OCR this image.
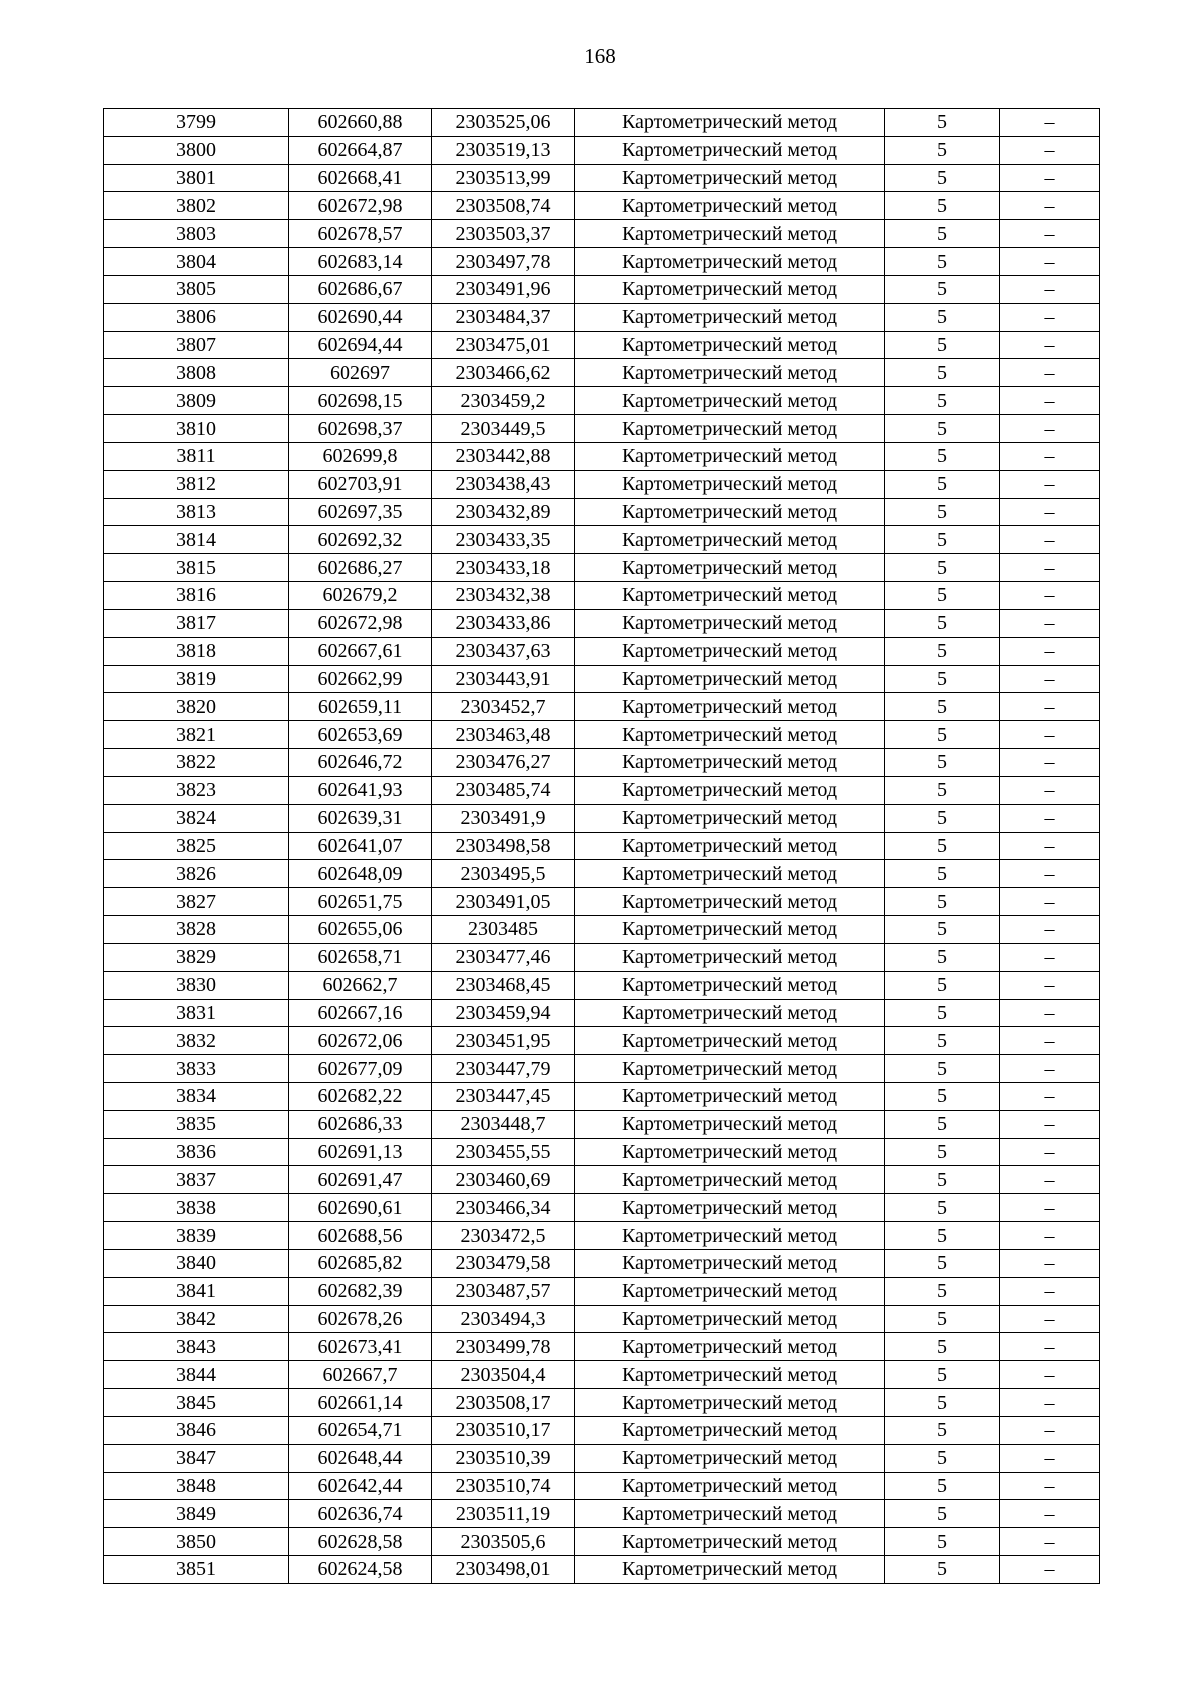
168
3799	602660,88	2303525,06	Картометрический метод	5	–
3800	602664,87	2303519,13	Картометрический метод	5	–
3801	602668,41	2303513,99	Картометрический метод	5	–
3802	602672,98	2303508,74	Картометрический метод	5	–
3803	602678,57	2303503,37	Картометрический метод	5	–
3804	602683,14	2303497,78	Картометрический метод	5	–
3805	602686,67	2303491,96	Картометрический метод	5	–
3806	602690,44	2303484,37	Картометрический метод	5	–
3807	602694,44	2303475,01	Картометрический метод	5	–
3808	602697	2303466,62	Картометрический метод	5	–
3809	602698,15	2303459,2	Картометрический метод	5	–
3810	602698,37	2303449,5	Картометрический метод	5	–
3811	602699,8	2303442,88	Картометрический метод	5	–
3812	602703,91	2303438,43	Картометрический метод	5	–
3813	602697,35	2303432,89	Картометрический метод	5	–
3814	602692,32	2303433,35	Картометрический метод	5	–
3815	602686,27	2303433,18	Картометрический метод	5	–
3816	602679,2	2303432,38	Картометрический метод	5	–
3817	602672,98	2303433,86	Картометрический метод	5	–
3818	602667,61	2303437,63	Картометрический метод	5	–
3819	602662,99	2303443,91	Картометрический метод	5	–
3820	602659,11	2303452,7	Картометрический метод	5	–
3821	602653,69	2303463,48	Картометрический метод	5	–
3822	602646,72	2303476,27	Картометрический метод	5	–
3823	602641,93	2303485,74	Картометрический метод	5	–
3824	602639,31	2303491,9	Картометрический метод	5	–
3825	602641,07	2303498,58	Картометрический метод	5	–
3826	602648,09	2303495,5	Картометрический метод	5	–
3827	602651,75	2303491,05	Картометрический метод	5	–
3828	602655,06	2303485	Картометрический метод	5	–
3829	602658,71	2303477,46	Картометрический метод	5	–
3830	602662,7	2303468,45	Картометрический метод	5	–
3831	602667,16	2303459,94	Картометрический метод	5	–
3832	602672,06	2303451,95	Картометрический метод	5	–
3833	602677,09	2303447,79	Картометрический метод	5	–
3834	602682,22	2303447,45	Картометрический метод	5	–
3835	602686,33	2303448,7	Картометрический метод	5	–
3836	602691,13	2303455,55	Картометрический метод	5	–
3837	602691,47	2303460,69	Картометрический метод	5	–
3838	602690,61	2303466,34	Картометрический метод	5	–
3839	602688,56	2303472,5	Картометрический метод	5	–
3840	602685,82	2303479,58	Картометрический метод	5	–
3841	602682,39	2303487,57	Картометрический метод	5	–
3842	602678,26	2303494,3	Картометрический метод	5	–
3843	602673,41	2303499,78	Картометрический метод	5	–
3844	602667,7	2303504,4	Картометрический метод	5	–
3845	602661,14	2303508,17	Картометрический метод	5	–
3846	602654,71	2303510,17	Картометрический метод	5	–
3847	602648,44	2303510,39	Картометрический метод	5	–
3848	602642,44	2303510,74	Картометрический метод	5	–
3849	602636,74	2303511,19	Картометрический метод	5	–
3850	602628,58	2303505,6	Картометрический метод	5	–
3851	602624,58	2303498,01	Картометрический метод	5	–
